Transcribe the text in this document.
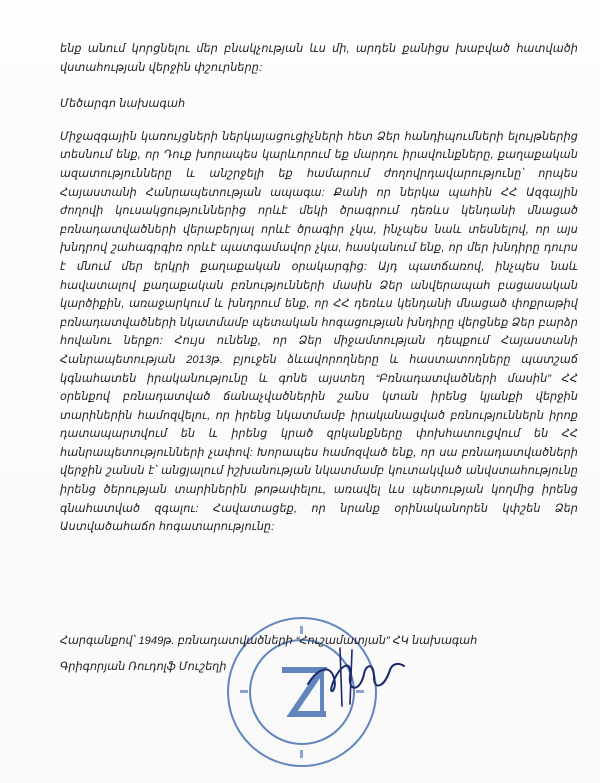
ենք անում կորցնելու մեր բնակչության ևս մի, արդեն քանիցս խաբված հատվածի վստահության վերջին փշուրները:

Մեծարգո նախագահ

Միջազգային կառույցների ներկայացուցիչների հետ Ձեր հանդիպումների ելույթներից տեսնում ենք, որ Դուք խորապես կարևորում եք մարդու իրավունքները, քաղաքական ազատությունները և անշրջելի եք համարում ժողովրդավարությունը՝ որպես Հայաստանի Հանրապետության ապագա: Քանի որ ներկա պահին ՀՀ Ազգային ժողովի կուսակցություններից որևէ մեկի ծրագրում դեռևս կենդանի մնացած բռնադատվածների վերաբերյալ որևէ ծրագիր չկա, ինչպես նաև տեսնելով, որ այս խնդրով շահագրգիռ որևէ պատգամավոր չկա, հասկանում ենք, որ մեր խնդիրը դուրս է մնում մեր երկրի քաղաքական օրակարգից: Այդ պատճառով, ինչպես նաև հավատալով քաղաքական բռնությունների մասին Ձեր անվերապահ բացասական կարծիքին, առաջարկում և խնդրում ենք, որ ՀՀ դեռևս կենդանի մնացած փոքրաթիվ բռնադատվածների նկատմամբ պետական հոգացության խնդիրը վերցնեք Ձեր բարձր հովանու ներքո: Հույս ունենք, որ Ձեր միջամտության դեպքում Հայաստանի Հանրապետության 2013թ. բյուջեն ձևավորողները և հաստատողները պատշաճ կգնահատեն իրականությունը և գոնե այստեղ “Բռնադատվածների մասին” ՀՀ օրենքով բռնադատված ճանաչվածներին շանս կտան իրենց կյանքի վերջին տարիներին համոզվելու, որ իրենց նկատմամբ իրականացված բռնություններն իրոք դատապարտվում են և իրենց կրած զրկանքները փոխհատուցվում են ՀՀ հանրապետությունների չափով: Խորապես համոզված ենք, որ սա բռնադատվածների վերջին շանսն է՝ անցյալում իշխանության նկատմամբ կուտակված անվստահությունը իրենց ծերության տարիներին թոթափելու, առավել ևս պետության կողմից իրենց գնահատված զգալու: Հավատացեք, որ նրանք օրինականորեն կփշեն Ձեր Աստվածահաճո հոգատարությունը:

Հարգանքով՝ 1949թ. բռնադատվածների “Հուշամատյան” ՀԿ նախագահ
Գրիգորյան Ռուդոլֆ Մուշեղի
